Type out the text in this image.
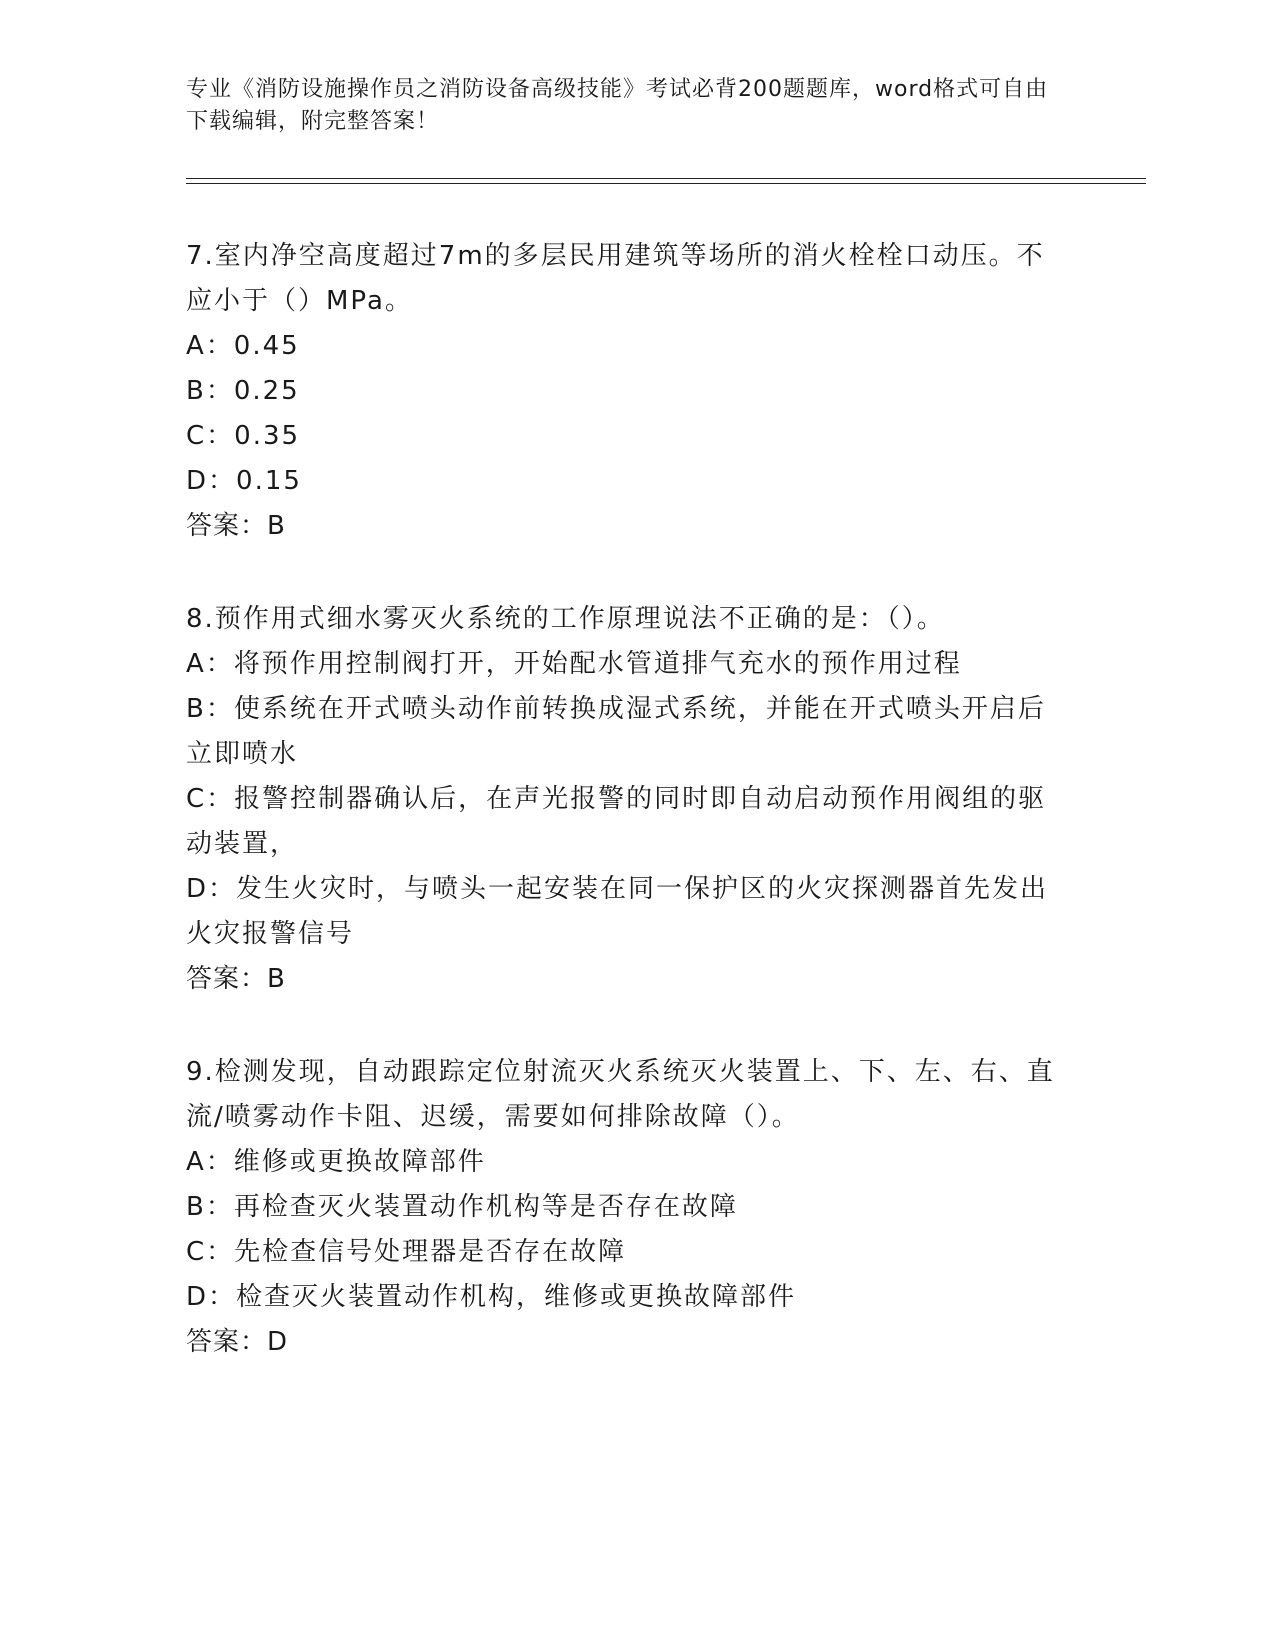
专业《消防设施操作员之消防设备高级技能》考试必背200题题库，word格式可自由下载编辑，附完整答案！

7.室内净空高度超过7m的多层民用建筑等场所的消火栓栓口动压。不应小于（）MPa。

A：0.45

B：0.25

C：0.35

D：0.15

答案：B

8.预作用式细水雾灭火系统的工作原理说法不正确的是：（）。

A：将预作用控制阀打开，开始配水管道排气充水的预作用过程

B：使系统在开式喷头动作前转换成湿式系统，并能在开式喷头开启后立即喷水

C：报警控制器确认后，在声光报警的同时即自动启动预作用阀组的驱动装置，

D：发生火灾时，与喷头一起安装在同一保护区的火灾探测器首先发出火灾报警信号

答案：B

9.检测发现，自动跟踪定位射流灭火系统灭火装置上、下、左、右、直流/喷雾动作卡阻、迟缓，需要如何排除故障（）。

A：维修或更换故障部件

B：再检查灭火装置动作机构等是否存在故障

C：先检查信号处理器是否存在故障

D：检查灭火装置动作机构，维修或更换故障部件

答案：D
